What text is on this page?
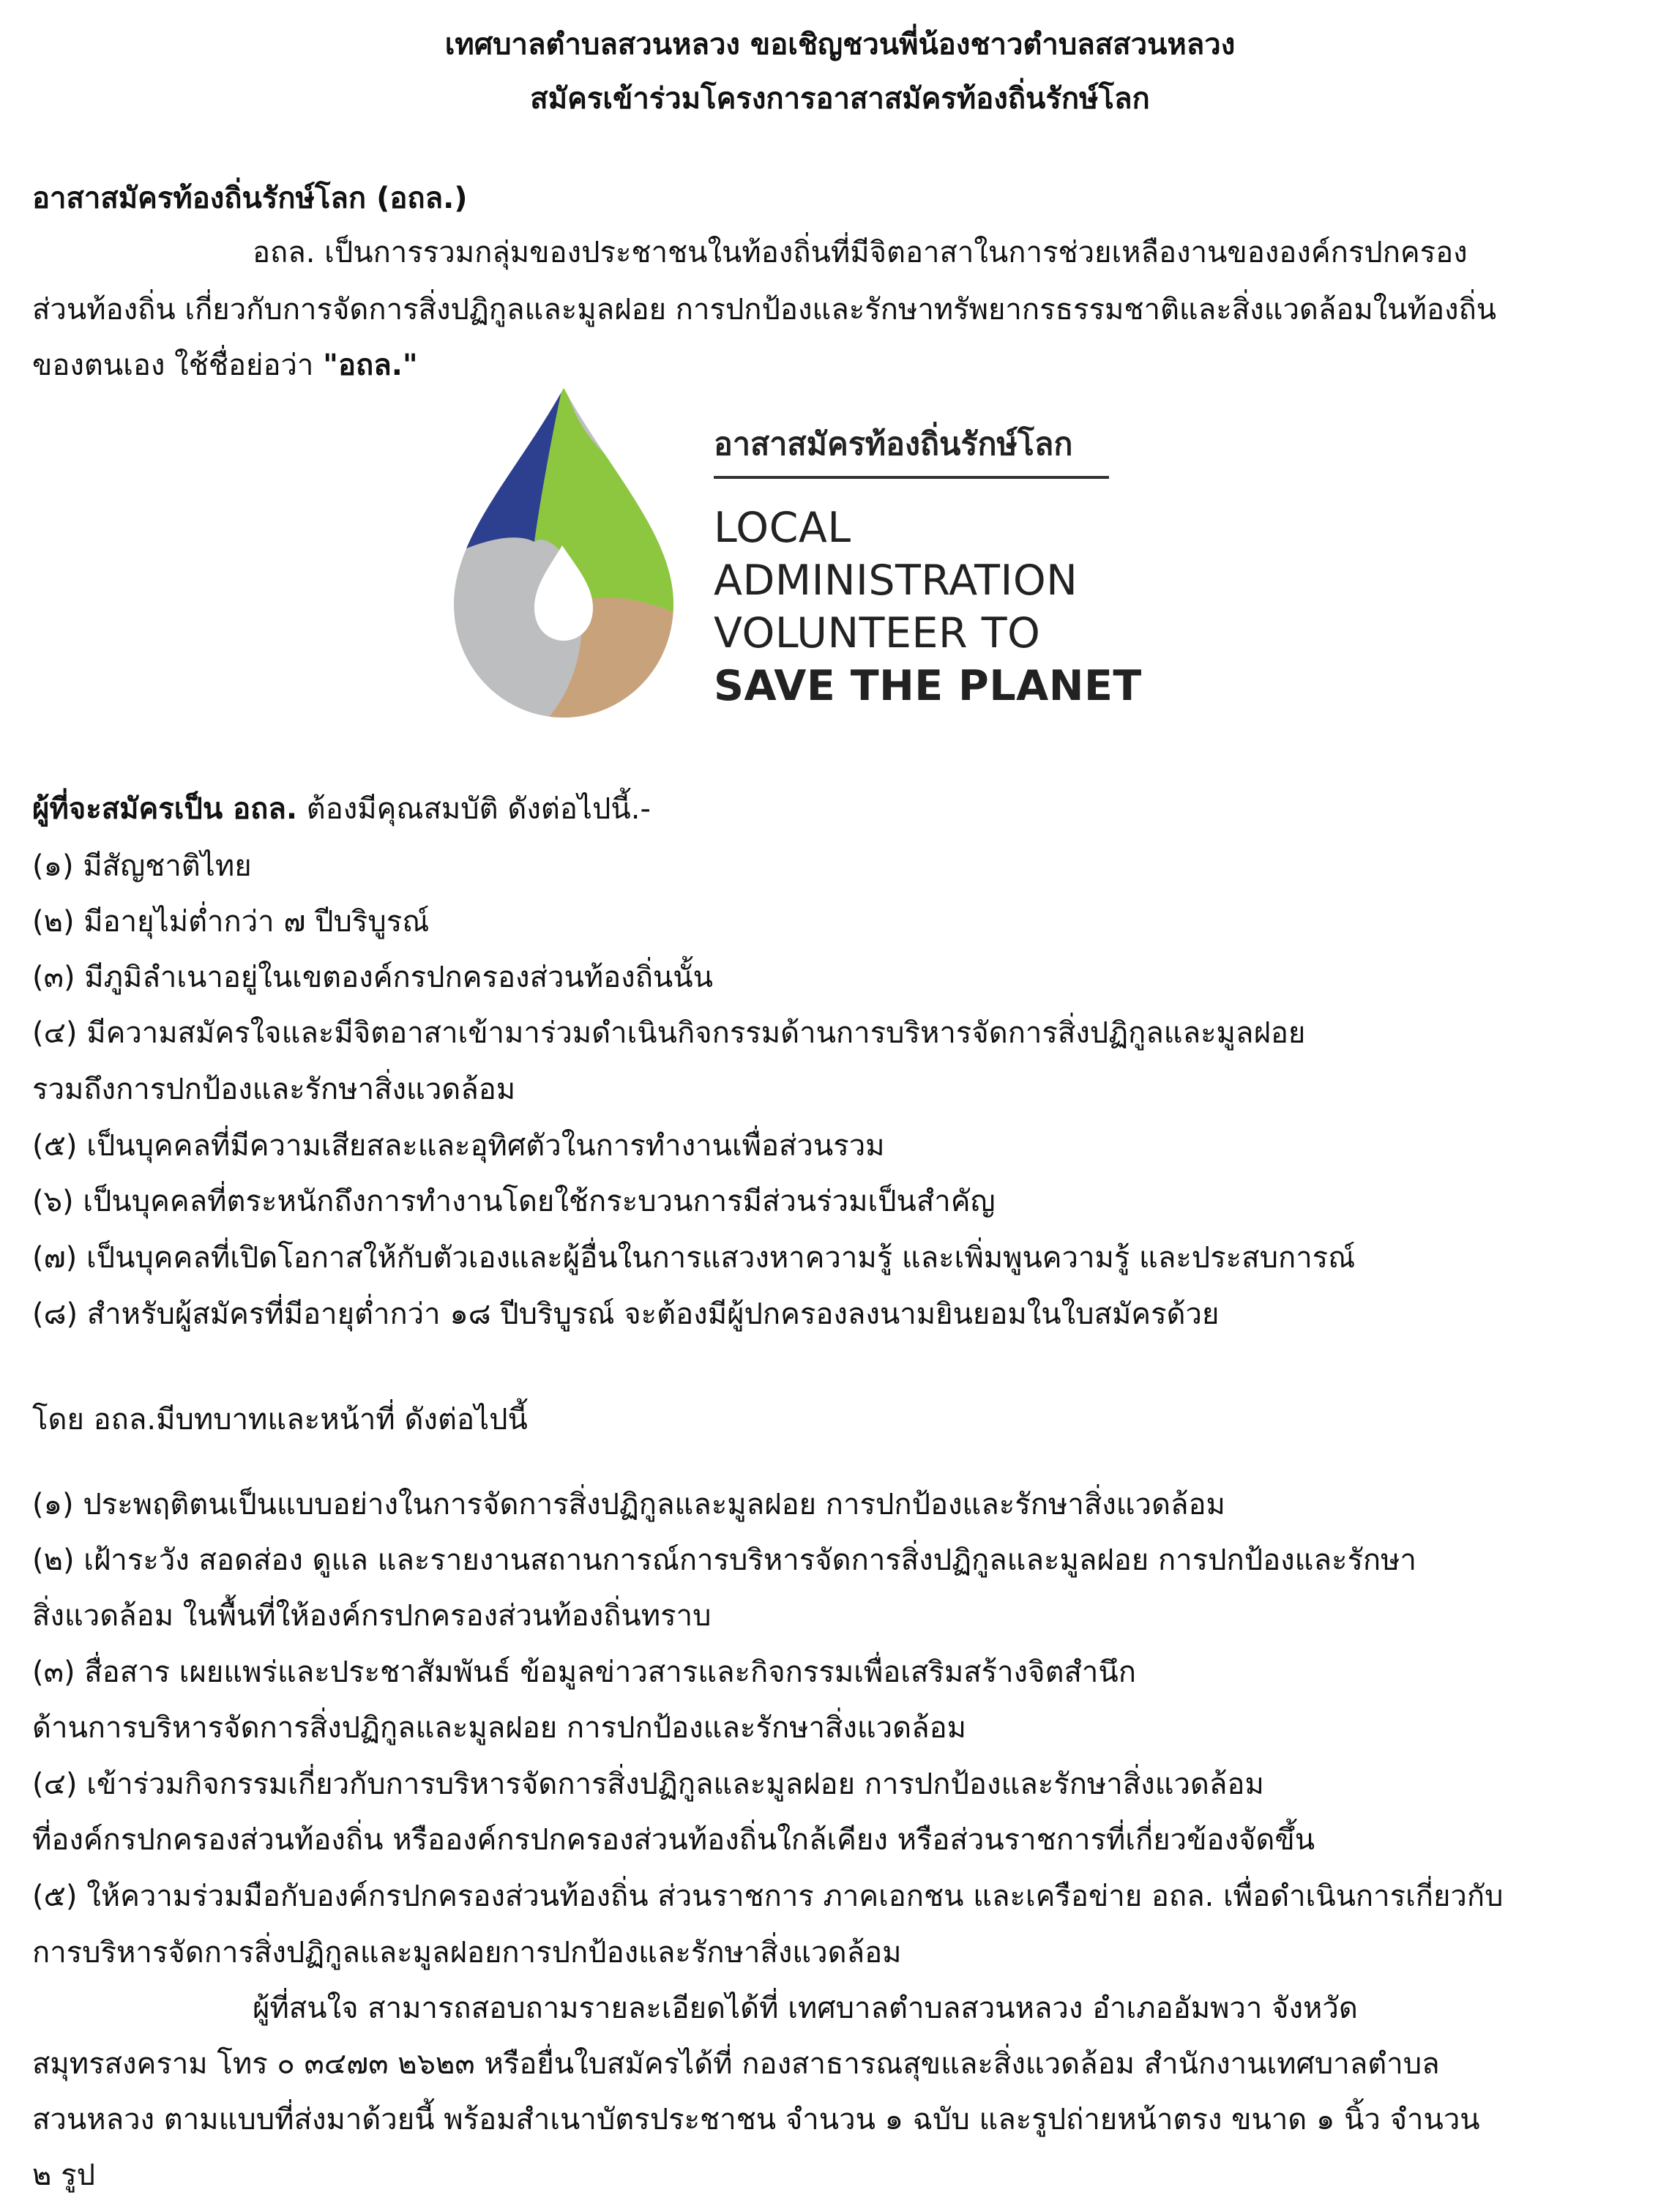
เทศบาลตำบลสวนหลวง ขอเชิญชวนพี่น้องชาวตำบลสสวนหลวง
สมัครเข้าร่วมโครงการอาสาสมัครท้องถิ่นรักษ์โลก
อาสาสมัครท้องถิ่นรักษ์โลก (อถล.)
อถล. เป็นการรวมกลุ่มของประชาชนในท้องถิ่นที่มีจิตอาสาในการช่วยเหลืองานขององค์กรปกครอง
ส่วนท้องถิ่น เกี่ยวกับการจัดการสิ่งปฏิกูลและมูลฝอย การปกป้องและรักษาทรัพยากรธรรมชาติและสิ่งแวดล้อมในท้องถิ่น
ของตนเอง ใช้ชื่อย่อว่า "อถล."
อาสาสมัครท้องถิ่นรักษ์โลก
LOCAL
ADMINISTRATION
VOLUNTEER TO
SAVE THE PLANET
ผู้ที่จะสมัครเป็น อถล. ต้องมีคุณสมบัติ ดังต่อไปนี้.-
(๑) มีสัญชาติไทย
(๒) มีอายุไม่ต่ำกว่า ๗ ปีบริบูรณ์
(๓) มีภูมิลำเนาอยู่ในเขตองค์กรปกครองส่วนท้องถิ่นนั้น
(๔) มีความสมัครใจและมีจิตอาสาเข้ามาร่วมดำเนินกิจกรรมด้านการบริหารจัดการสิ่งปฏิกูลและมูลฝอย
รวมถึงการปกป้องและรักษาสิ่งแวดล้อม
(๕) เป็นบุคคลที่มีความเสียสละและอุทิศตัวในการทำงานเพื่อส่วนรวม
(๖) เป็นบุคคลที่ตระหนักถึงการทำงานโดยใช้กระบวนการมีส่วนร่วมเป็นสำคัญ
(๗) เป็นบุคคลที่เปิดโอกาสให้กับตัวเองและผู้อื่นในการแสวงหาความรู้ และเพิ่มพูนความรู้ และประสบการณ์
(๘) สำหรับผู้สมัครที่มีอายุต่ำกว่า ๑๘ ปีบริบูรณ์ จะต้องมีผู้ปกครองลงนามยินยอมในใบสมัครด้วย
โดย อถล.มีบทบาทและหน้าที่ ดังต่อไปนี้
(๑) ประพฤติตนเป็นแบบอย่างในการจัดการสิ่งปฏิกูลและมูลฝอย การปกป้องและรักษาสิ่งแวดล้อม
(๒) เฝ้าระวัง สอดส่อง ดูแล และรายงานสถานการณ์การบริหารจัดการสิ่งปฏิกูลและมูลฝอย การปกป้องและรักษา
สิ่งแวดล้อม ในพื้นที่ให้องค์กรปกครองส่วนท้องถิ่นทราบ
(๓) สื่อสาร เผยแพร่และประชาสัมพันธ์ ข้อมูลข่าวสารและกิจกรรมเพื่อเสริมสร้างจิตสำนึก
ด้านการบริหารจัดการสิ่งปฏิกูลและมูลฝอย การปกป้องและรักษาสิ่งแวดล้อม
(๔) เข้าร่วมกิจกรรมเกี่ยวกับการบริหารจัดการสิ่งปฏิกูลและมูลฝอย การปกป้องและรักษาสิ่งแวดล้อม
ที่องค์กรปกครองส่วนท้องถิ่น หรือองค์กรปกครองส่วนท้องถิ่นใกล้เคียง หรือส่วนราชการที่เกี่ยวข้องจัดขึ้น
(๕) ให้ความร่วมมือกับองค์กรปกครองส่วนท้องถิ่น ส่วนราชการ ภาคเอกชน และเครือข่าย อถล. เพื่อดำเนินการเกี่ยวกับ
การบริหารจัดการสิ่งปฏิกูลและมูลฝอยการปกป้องและรักษาสิ่งแวดล้อม
ผู้ที่สนใจ สามารถสอบถามรายละเอียดได้ที่ เทศบาลตำบลสวนหลวง อำเภออัมพวา จังหวัด
สมุทรสงคราม โทร ๐ ๓๔๗๓ ๒๖๒๓ หรือยื่นใบสมัครได้ที่ กองสาธารณสุขและสิ่งแวดล้อม สำนักงานเทศบาลตำบล
สวนหลวง ตามแบบที่ส่งมาด้วยนี้ พร้อมสำเนาบัตรประชาชน จำนวน ๑ ฉบับ และรูปถ่ายหน้าตรง ขนาด ๑ นิ้ว จำนวน
๒ รูป
